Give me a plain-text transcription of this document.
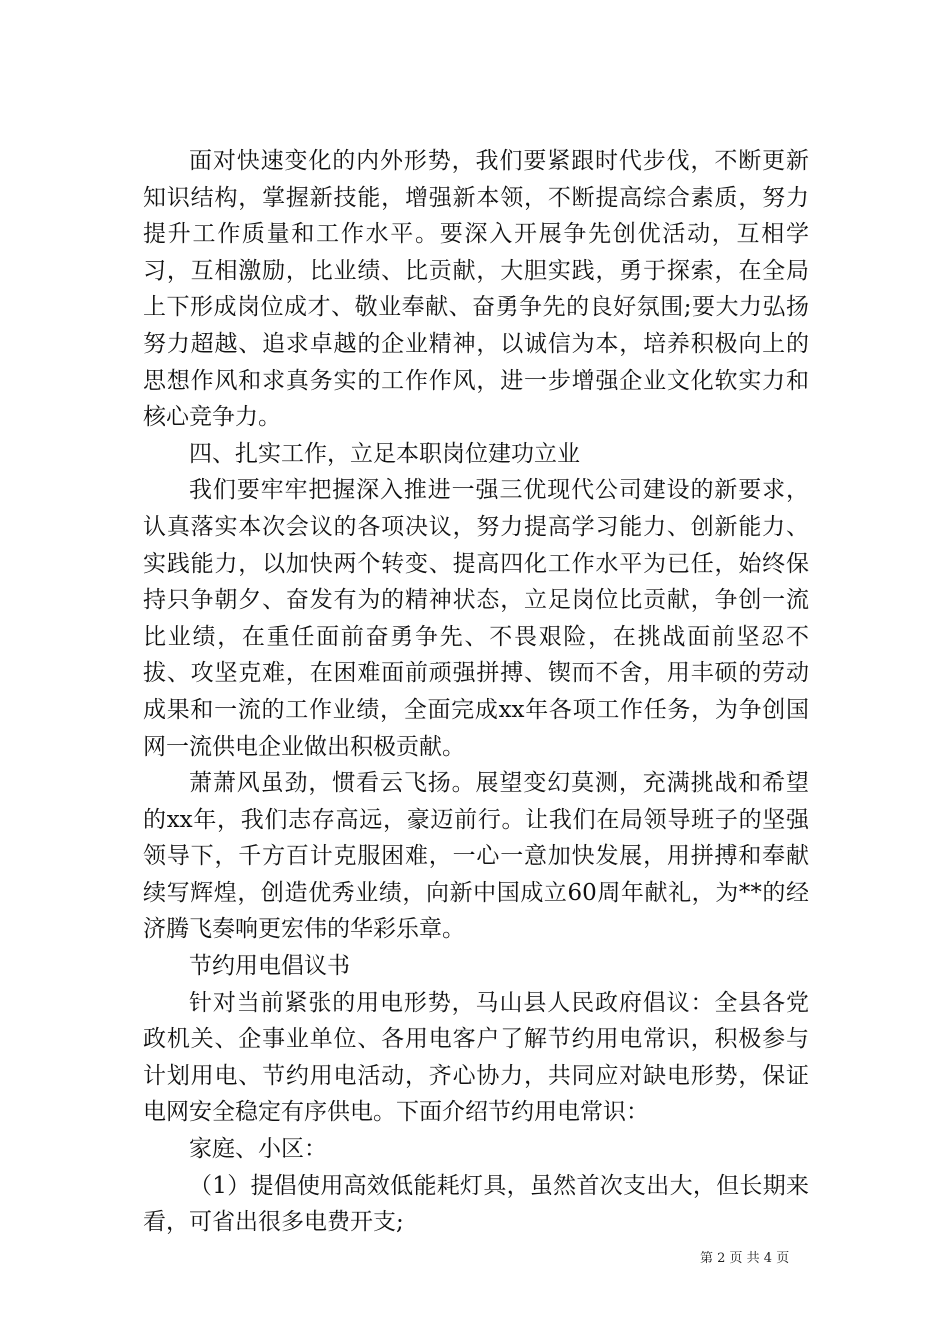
面对快速变化的内外形势，我们要紧跟时代步伐，不断更新知识结构，掌握新技能，增强新本领，不断提高综合素质，努力提升工作质量和工作水平。要深入开展争先创优活动，互相学习，互相激励，比业绩、比贡献，大胆实践，勇于探索，在全局上下形成岗位成才、敬业奉献、奋勇争先的良好氛围;要大力弘扬努力超越、追求卓越的企业精神，以诚信为本，培养积极向上的思想作风和求真务实的工作作风，进一步增强企业文化软实力和核心竞争力。

四、扎实工作，立足本职岗位建功立业

我们要牢牢把握深入推进一强三优现代公司建设的新要求，认真落实本次会议的各项决议，努力提高学习能力、创新能力、实践能力，以加快两个转变、提高四化工作水平为已任，始终保持只争朝夕、奋发有为的精神状态，立足岗位比贡献，争创一流比业绩，在重任面前奋勇争先、不畏艰险，在挑战面前坚忍不拔、攻坚克难，在困难面前顽强拼搏、锲而不舍，用丰硕的劳动成果和一流的工作业绩，全面完成xx年各项工作任务，为争创国网一流供电企业做出积极贡献。

萧萧风虽劲，惯看云飞扬。展望变幻莫测，充满挑战和希望的xx年，我们志存高远，豪迈前行。让我们在局领导班子的坚强领导下，千方百计克服困难，一心一意加快发展，用拼搏和奉献续写辉煌，创造优秀业绩，向新中国成立60周年献礼，为**的经济腾飞奏响更宏伟的华彩乐章。

节约用电倡议书

针对当前紧张的用电形势，马山县人民政府倡议：全县各党政机关、企事业单位、各用电客户了解节约用电常识，积极参与计划用电、节约用电活动，齐心协力，共同应对缺电形势，保证电网安全稳定有序供电。下面介绍节约用电常识：

家庭、小区：

（1）提倡使用高效低能耗灯具，虽然首次支出大，但长期来看，可省出很多电费开支;

第 2 页 共 4 页
